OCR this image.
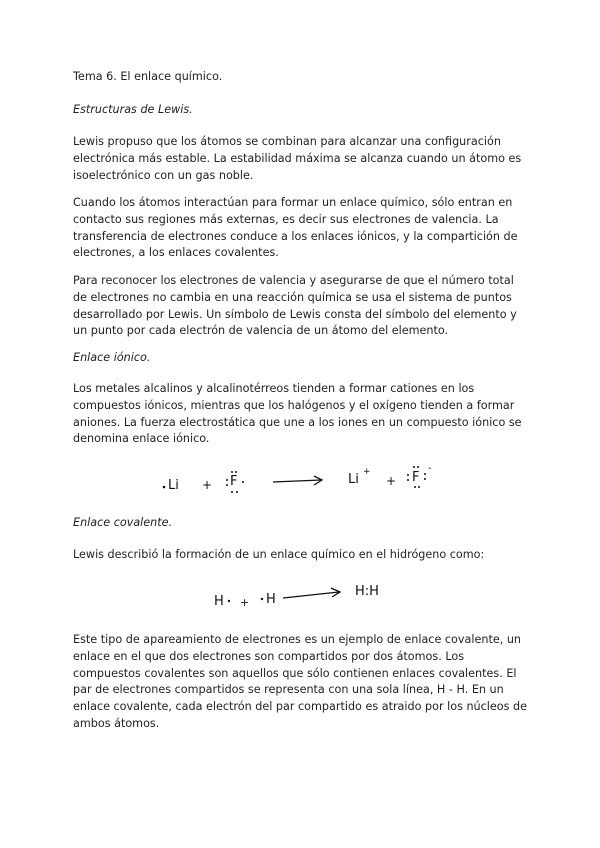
Tema 6. El enlace químico.

Estructuras de Lewis.

Lewis propuso que los átomos se combinan para alcanzar una configuración electrónica más estable. La estabilidad máxima se alcanza cuando un átomo es isoelectrónico con un gas noble.

Cuando los átomos interactúan para formar un enlace químico, sólo entran en contacto sus regiones más externas, es decir sus electrones de valencia. La transferencia de electrones conduce a los enlaces iónicos, y la compartición de electrones, a los enlaces covalentes.

Para reconocer los electrones de valencia y asegurarse de que el número total de electrones no cambia en una reacción química se usa el sistema de puntos desarrollado por Lewis. Un símbolo de Lewis consta del símbolo del elemento y un punto por cada electrón de valencia de un átomo del elemento.

Enlace iónico.

Los metales alcalinos y alcalinotérreos tienden a formar cationes en los compuestos iónicos, mientras que los halógenos y el oxígeno tienden a formar aniones. La fuerza electrostática que une a los iones en un compuesto iónico se denomina enlace iónico.

Li + F	Li +
+ F
-

Enlace covalente.

Lewis describió la formación de un enlace químico en el hidrógeno como:

H + H
H:H

Este tipo de apareamiento de electrones es un ejemplo de enlace covalente, un enlace en el que dos electrones son compartidos por dos átomos. Los compuestos covalentes son aquellos que sólo contienen enlaces covalentes. El par de electrones compartidos se representa con una sola línea, H - H. En un enlace covalente, cada electrón del par compartido es atraido por los núcleos de ambos átomos.
